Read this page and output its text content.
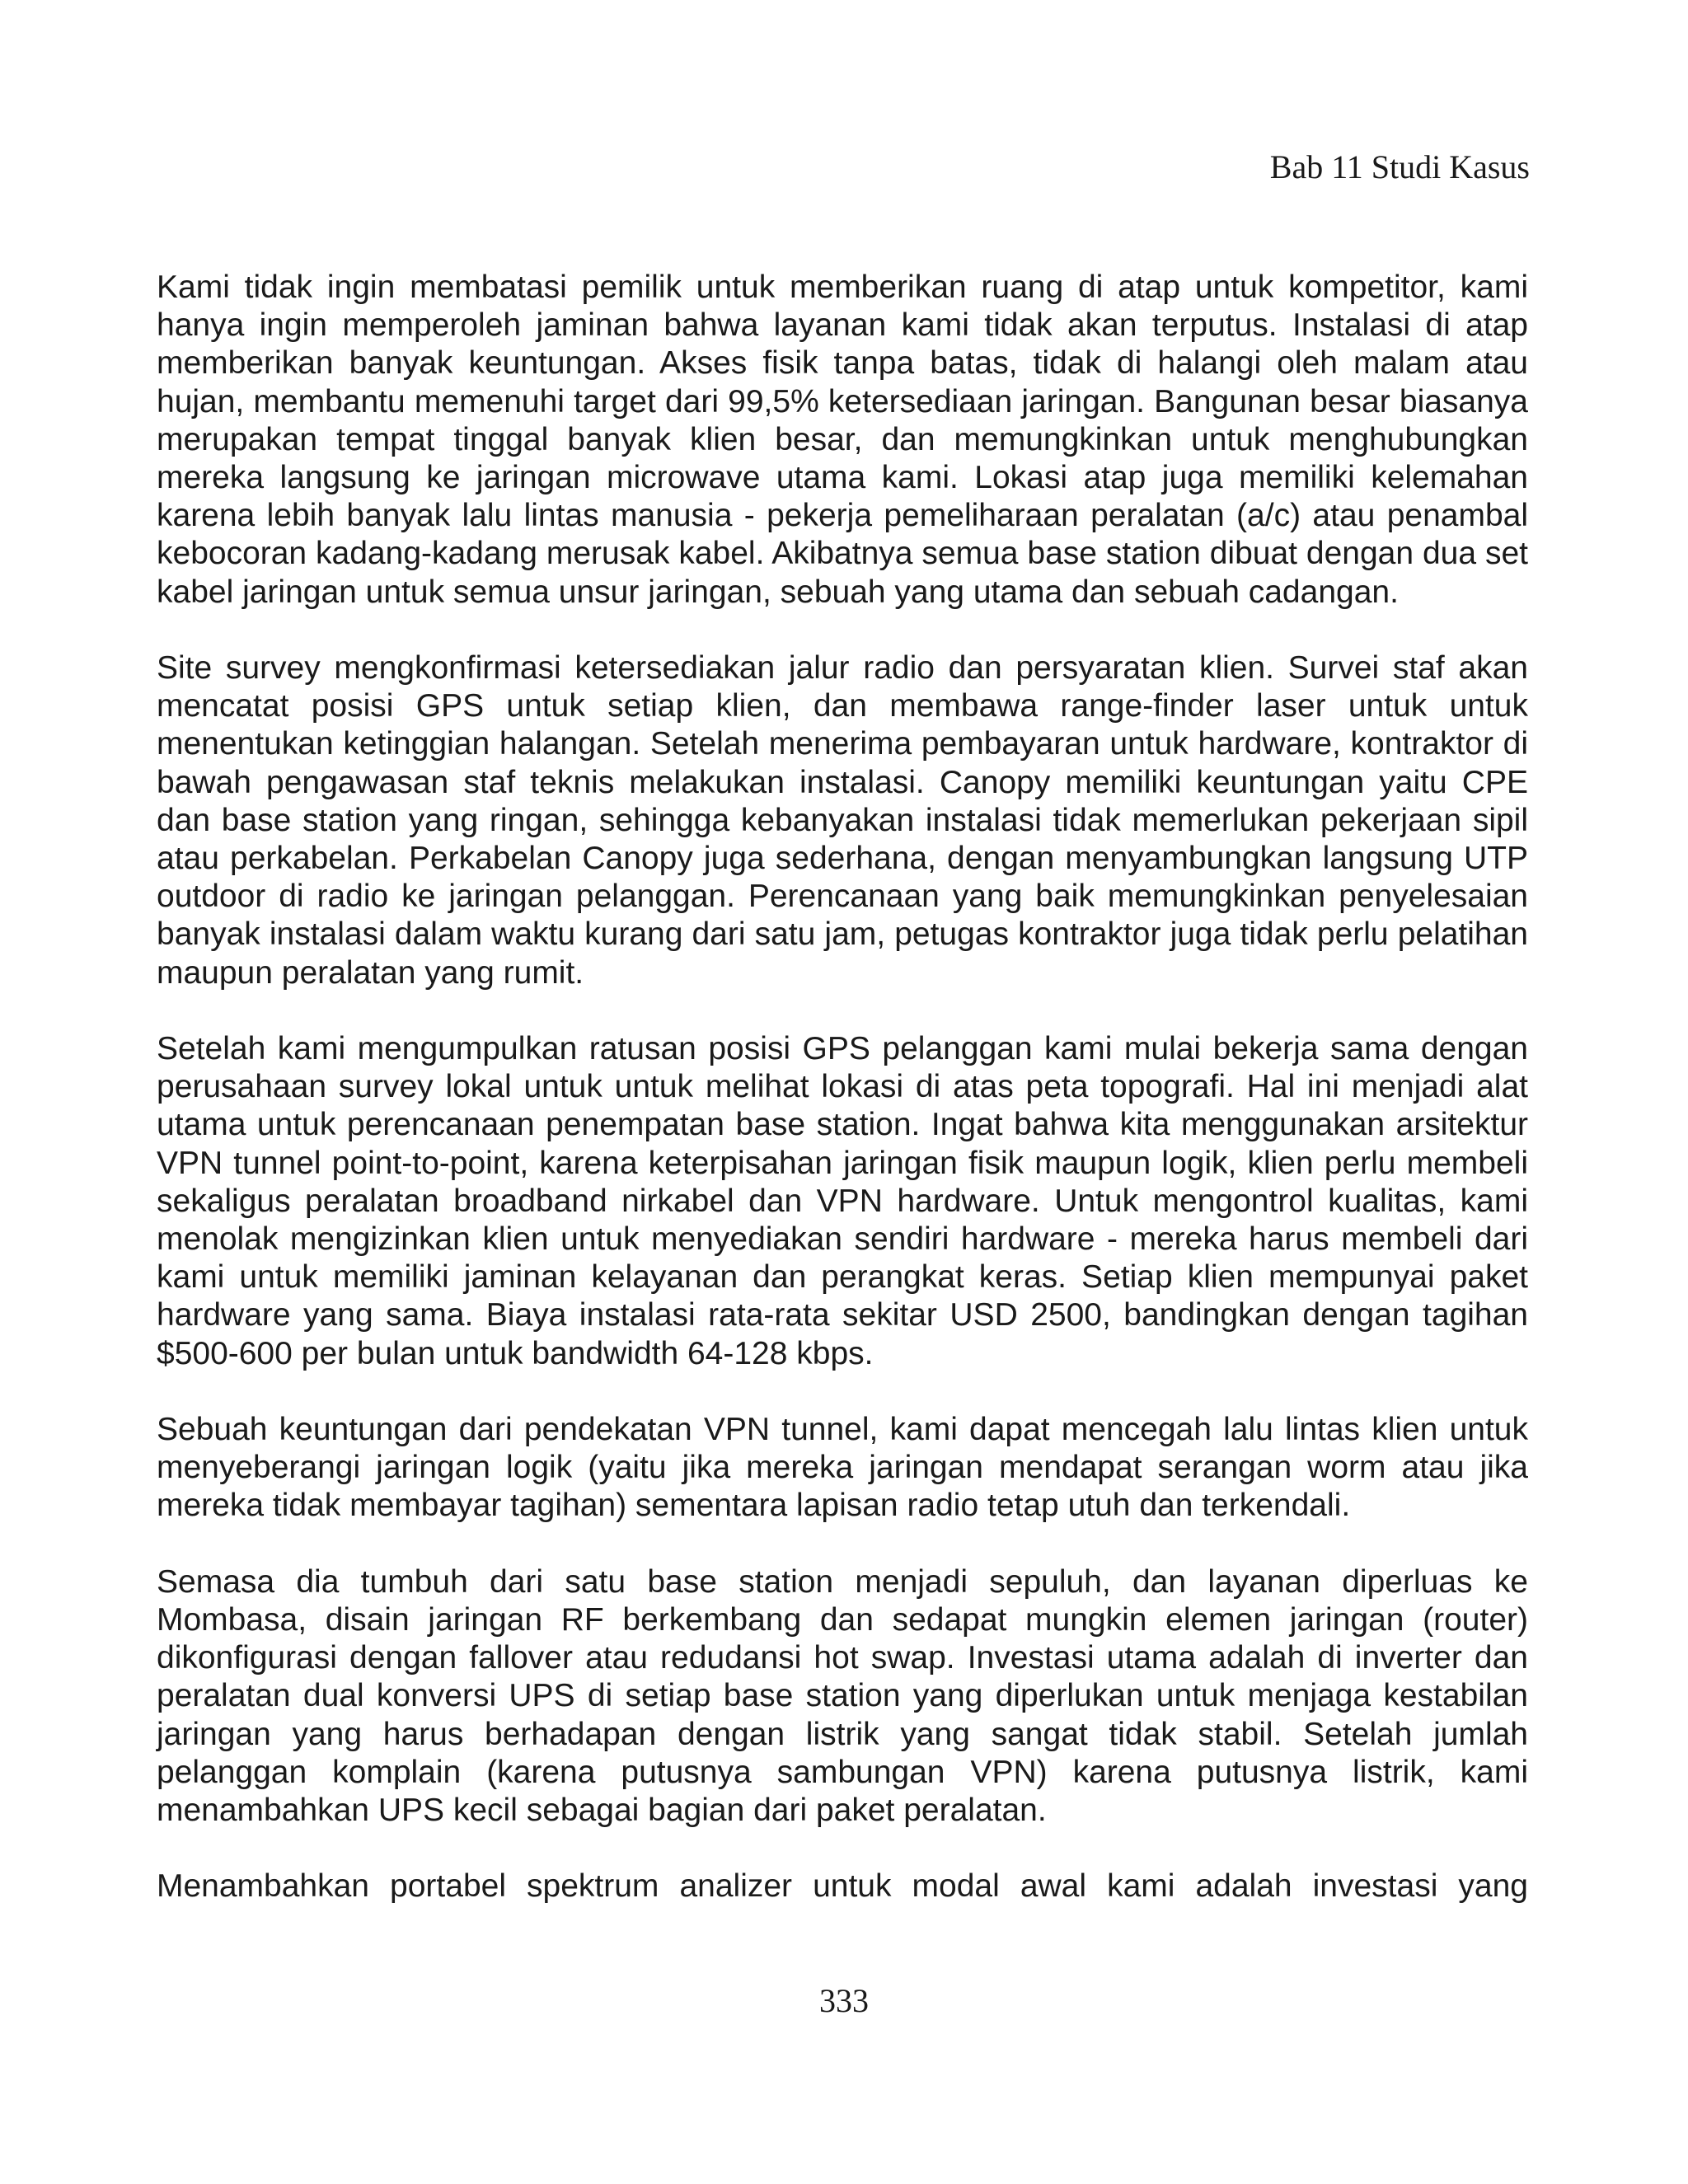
Bab 11 Studi Kasus

Kami tidak ingin membatasi pemilik untuk memberikan ruang di atap untuk kompetitor, kami hanya ingin memperoleh jaminan bahwa layanan kami tidak akan terputus. Instalasi di atap memberikan banyak keuntungan. Akses fisik tanpa batas, tidak di halangi oleh malam atau hujan, membantu memenuhi target dari 99,5% ketersediaan jaringan. Bangunan besar biasanya merupakan tempat tinggal banyak klien besar, dan memungkinkan untuk menghubungkan mereka langsung ke jaringan microwave utama kami. Lokasi atap juga memiliki kelemahan karena lebih banyak lalu lintas manusia - pekerja pemeliharaan peralatan (a/c) atau penambal kebocoran kadang-kadang merusak kabel. Akibatnya semua base station dibuat dengan dua set kabel jaringan untuk semua unsur jaringan, sebuah yang utama dan sebuah cadangan.

Site survey mengkonfirmasi ketersediakan jalur radio dan persyaratan klien. Survei staf akan mencatat posisi GPS untuk setiap klien, dan membawa range-finder laser untuk untuk menentukan ketinggian halangan. Setelah menerima pembayaran untuk hardware, kontraktor di bawah pengawasan staf teknis melakukan instalasi. Canopy memiliki keuntungan yaitu CPE dan base station yang ringan, sehingga kebanyakan instalasi tidak memerlukan pekerjaan sipil atau perkabelan. Perkabelan Canopy juga sederhana, dengan menyambungkan langsung UTP outdoor di radio ke jaringan pelanggan. Perencanaan yang baik memungkinkan penyelesaian banyak instalasi dalam waktu kurang dari satu jam, petugas kontraktor juga tidak perlu pelatihan maupun peralatan yang rumit.

Setelah kami mengumpulkan ratusan posisi GPS pelanggan kami mulai bekerja sama dengan perusahaan survey lokal untuk untuk melihat lokasi di atas peta topografi. Hal ini menjadi alat utama untuk perencanaan penempatan base station. Ingat bahwa kita menggunakan arsitektur VPN tunnel point-to-point, karena keterpisahan jaringan fisik maupun logik, klien perlu membeli sekaligus peralatan broadband nirkabel dan VPN hardware. Untuk mengontrol kualitas, kami menolak mengizinkan klien untuk menyediakan sendiri hardware - mereka harus membeli dari kami untuk memiliki jaminan kelayanan dan perangkat keras. Setiap klien mempunyai paket hardware yang sama. Biaya instalasi rata-rata sekitar USD 2500, bandingkan dengan tagihan $500-600 per bulan untuk bandwidth 64-128 kbps.

Sebuah keuntungan dari pendekatan VPN tunnel, kami dapat mencegah lalu lintas klien untuk menyeberangi jaringan logik (yaitu jika mereka jaringan mendapat serangan worm atau jika mereka tidak membayar tagihan) sementara lapisan radio tetap utuh dan terkendali.

Semasa dia tumbuh dari satu base station menjadi sepuluh, dan layanan diperluas ke Mombasa, disain jaringan RF berkembang dan sedapat mungkin elemen jaringan (router) dikonfigurasi dengan fallover atau redudansi hot swap. Investasi utama adalah di inverter dan peralatan dual konversi UPS di setiap base station yang diperlukan untuk menjaga kestabilan jaringan yang harus berhadapan dengan listrik yang sangat tidak stabil. Setelah jumlah pelanggan komplain (karena putusnya sambungan VPN) karena putusnya listrik, kami menambahkan UPS kecil sebagai bagian dari paket peralatan.

Menambahkan portabel spektrum analizer untuk modal awal kami adalah investasi yang

333
